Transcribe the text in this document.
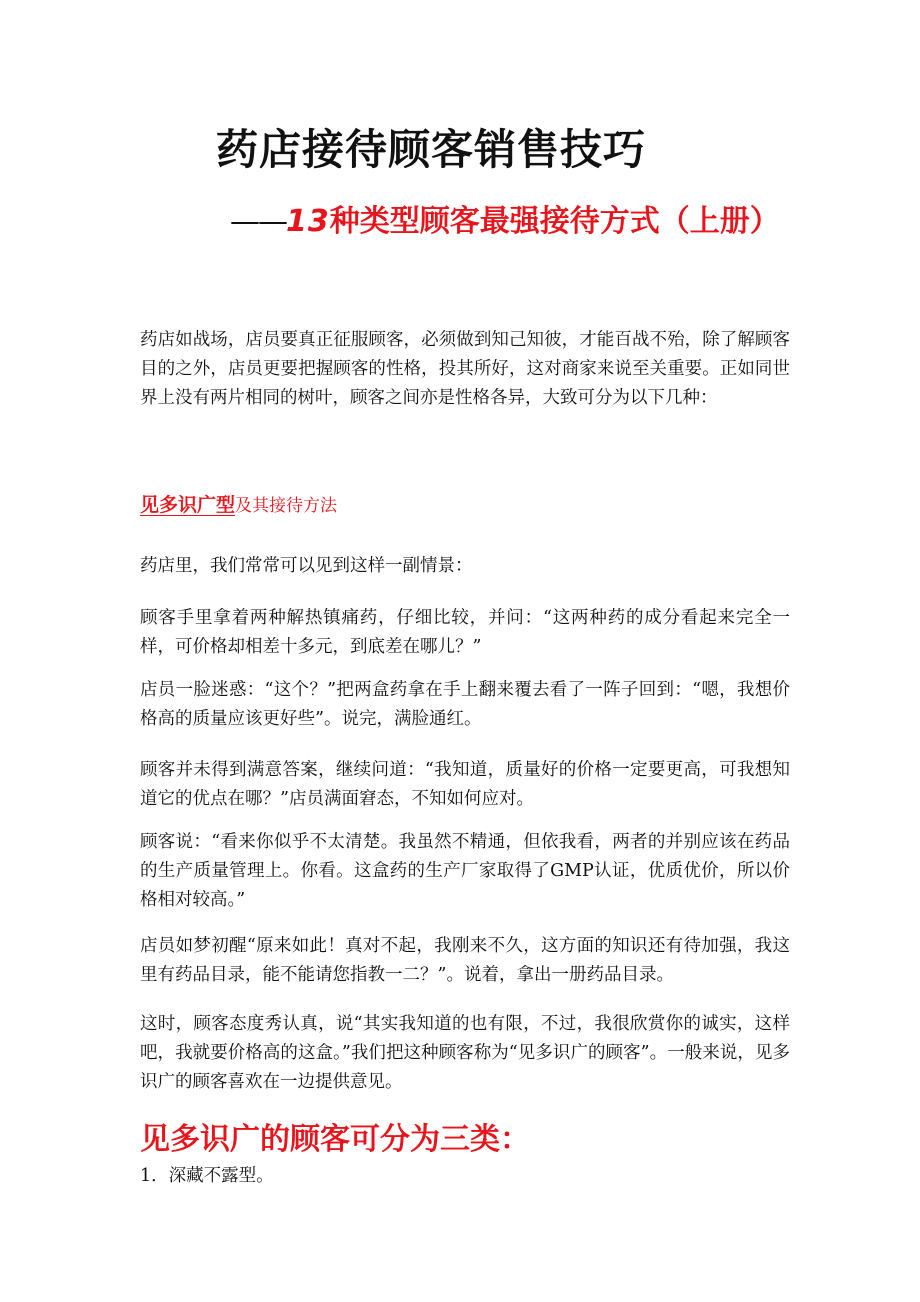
药店接待顾客销售技巧
——13种类型顾客最强接待方式（上册）

药店如战场，店员要真正征服顾客，必须做到知己知彼，才能百战不殆，除了解顾客目的之外，店员更要把握顾客的性格，投其所好，这对商家来说至关重要。正如同世界上没有两片相同的树叶，顾客之间亦是性格各异，大致可分为以下几种：

见多识广型及其接待方法

药店里，我们常常可以见到这样一副情景：

顾客手里拿着两种解热镇痛药，仔细比较，并问：“这两种药的成分看起来完全一样，可价格却相差十多元，到底差在哪儿？”

店员一脸迷惑：“这个？”把两盒药拿在手上翻来覆去看了一阵子回到：“嗯，我想价格高的质量应该更好些”。说完，满脸通红。

顾客并未得到满意答案，继续问道：“我知道，质量好的价格一定要更高，可我想知道它的优点在哪？”店员满面窘态，不知如何应对。

顾客说：“看来你似乎不太清楚。我虽然不精通，但依我看，两者的并别应该在药品的生产质量管理上。你看。这盒药的生产厂家取得了GMP认证，优质优价，所以价格相对较高。”

店员如梦初醒“原来如此！真对不起，我刚来不久，这方面的知识还有待加强，我这里有药品目录，能不能请您指教一二？”。说着，拿出一册药品目录。

这时，顾客态度秀认真，说“其实我知道的也有限，不过，我很欣赏你的诚实，这样吧，我就要价格高的这盒。”我们把这种顾客称为“见多识广的顾客”。一般来说，见多识广的顾客喜欢在一边提供意见。

见多识广的顾客可分为三类：

1．深藏不露型。
